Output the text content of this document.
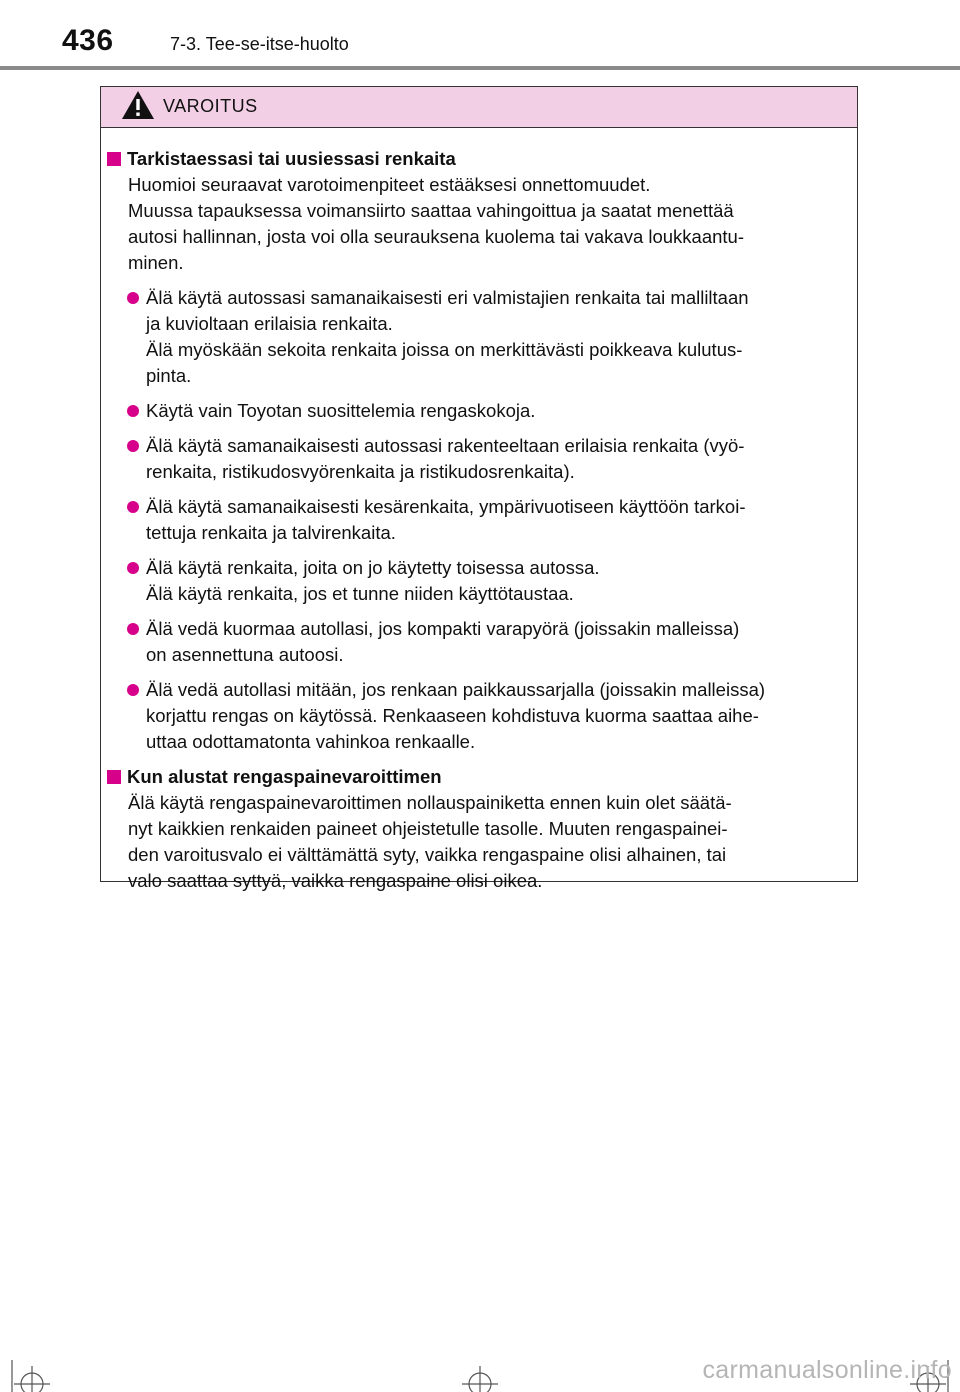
436	7-3. Tee-se-itse-huolto
VAROITUS

Tarkistaessasi tai uusiessasi renkaita

Huomioi seuraavat varotoimenpiteet estääksesi onnettomuudet.
Muussa tapauksessa voimansiirto saattaa vahingoittua ja saatat menettää
autosi hallinnan, josta voi olla seurauksena kuolema tai vakava loukkaantu-
minen.

Älä käytä autossasi samanaikaisesti eri valmistajien renkaita tai malliltaan
ja kuvioltaan erilaisia renkaita.
Älä myöskään sekoita renkaita joissa on merkittävästi poikkeava kulutus-
pinta.
Käytä vain Toyotan suosittelemia rengaskokoja.
Älä käytä samanaikaisesti autossasi rakenteeltaan erilaisia renkaita (vyö-
renkaita, ristikudosvyörenkaita ja ristikudosrenkaita).
Älä käytä samanaikaisesti kesärenkaita, ympärivuotiseen käyttöön tarkoi-
tettuja renkaita ja talvirenkaita.
Älä käytä renkaita, joita on jo käytetty toisessa autossa.
Älä käytä renkaita, jos et tunne niiden käyttötaustaa.
Älä vedä kuormaa autollasi, jos kompakti varapyörä (joissakin malleissa)
on asennettuna autoosi.
Älä vedä autollasi mitään, jos renkaan paikkaussarjalla (joissakin malleissa)
korjattu rengas on käytössä. Renkaaseen kohdistuva kuorma saattaa aihe-
uttaa odottamatonta vahinkoa renkaalle.

Kun alustat rengaspainevaroittimen

Älä käytä rengaspainevaroittimen nollauspainiketta ennen kuin olet säätä-
nyt kaikkien renkaiden paineet ohjeistetulle tasolle. Muuten rengaspainei-
den varoitusvalo ei välttämättä syty, vaikka rengaspaine olisi alhainen, tai
valo saattaa syttyä, vaikka rengaspaine olisi oikea.

carmanualsonline.info
